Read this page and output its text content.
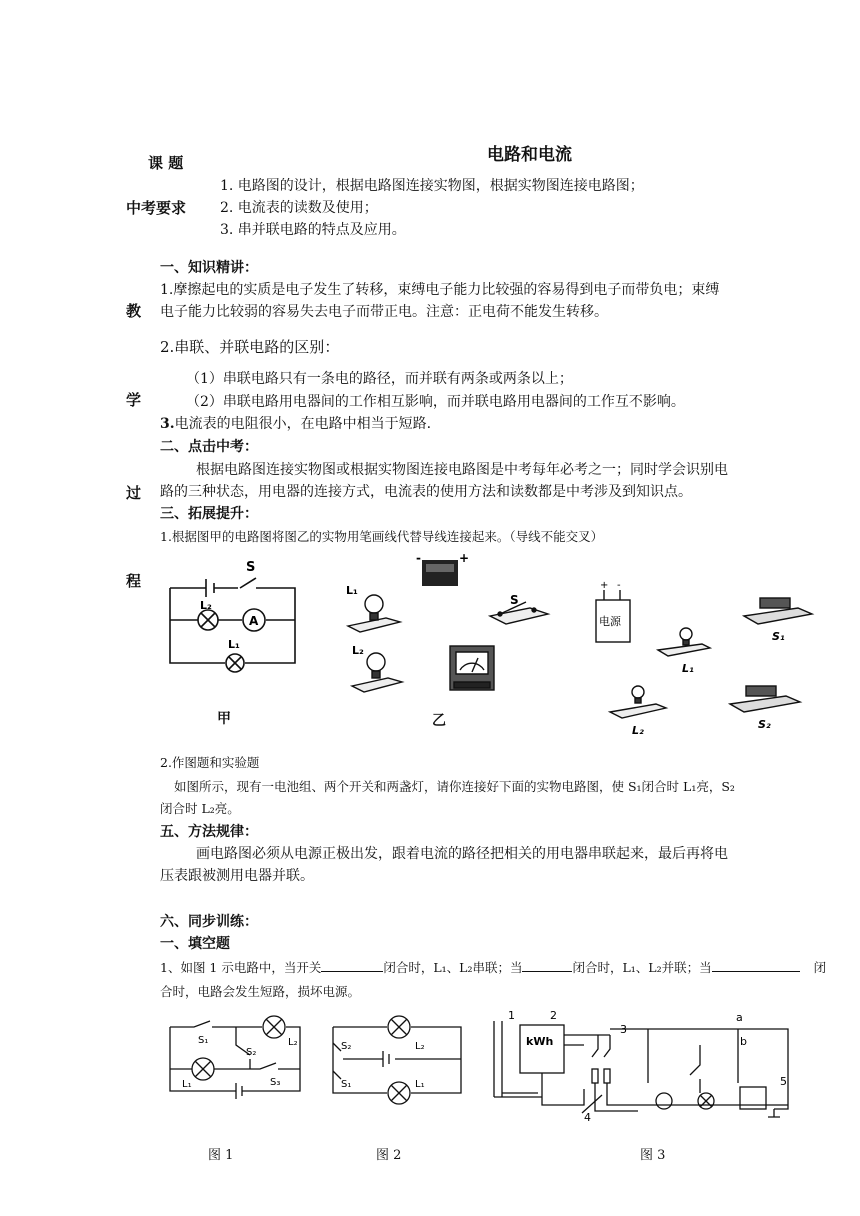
课 题	电路和电流
中考要求
1. 电路图的设计，根据电路图连接实物图，根据实物图连接电路图；
2. 电流表的读数及使用；
3. 串并联电路的特点及应用。
教
学
过
程
一、知识精讲：
1.摩擦起电的实质是电子发生了转移，束缚电子能力比较强的容易得到电子而带负电；束缚
电子能力比较弱的容易失去电子而带正电。注意：正电荷不能发生转移。
2.串联、并联电路的区别：
（1）串联电路只有一条电的路径，而并联有两条或两条以上；
（2）串联电路用电器间的工作相互影响，而并联电路用电器间的工作互不影响。
3.电流表的电阻很小，在电路中相当于短路.
二、点击中考：
根据电路图连接实物图或根据实物图连接电路图是中考每年必考之一；同时学会识别电
路的三种状态，用电器的连接方式，电流表的使用方法和读数都是中考涉及到知识点。
三、拓展提升：
1.根据图甲的电路图将图乙的实物用笔画线代替导线连接起来。（导线不能交叉）
S
L₂
A
L₁
甲
-	+
L₁
L₂
S
乙
+ -
电源
S₁
L₁
L₂	S₂
2.作图题和实验题
如图所示，现有一电池组、两个开关和两盏灯，请你连接好下面的实物电路图，使 S₁闭合时 L₁亮，S₂
闭合时 L₂亮。
五、方法规律：
画电路图必须从电源正极出发，跟着电流的路径把相关的用电器串联起来，最后再将电
压表跟被测用电器并联。
六、同步训练：
一、填空题
1、如图 1 示电路中，当开关	闭合时，L₁、L₂串联；当	闭合时，L₁、L₂并联；当	闭
合时，电路会发生短路，损坏电源。
S₁
S₂
L₂
L₁	S₃
S₂	L₂
S₁	L₁
kWh
1	2
3
4
5
a
b
图 1	图 2	图 3
